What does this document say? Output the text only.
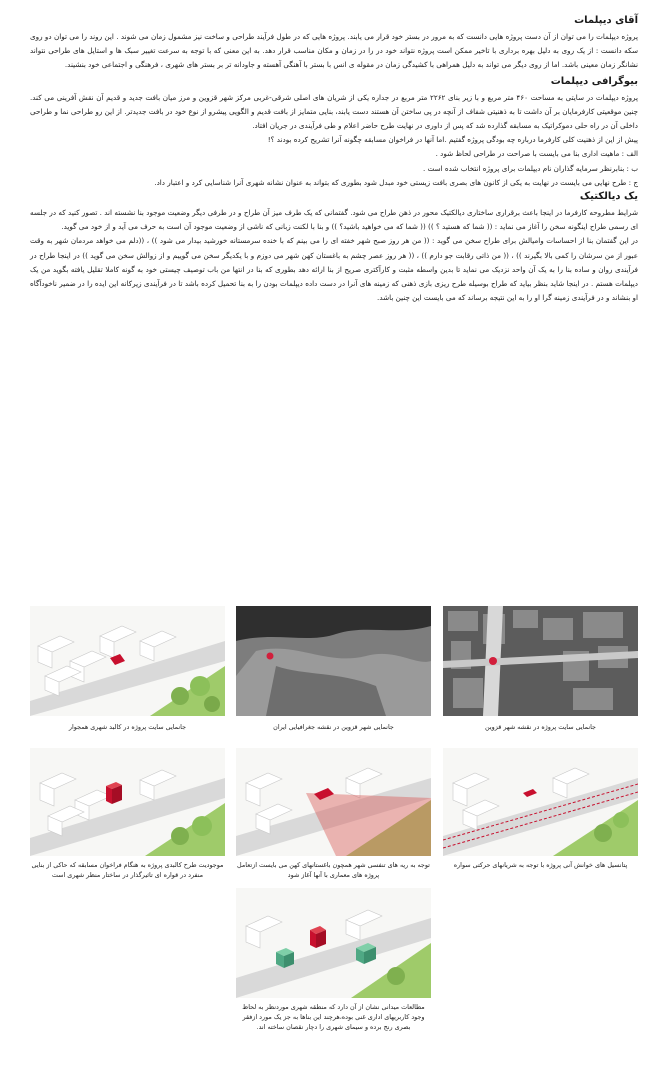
آقای دیپلمات
پروژه دیپلمات را می توان از آن دست پروژه هایی دانست که به مرور در بستر خود قرار می یابند. پروژه هایی که در طول فرآیند طراحی و ساخت نیز مشمول زمان می شوند . این روند را می توان دو روی سکه دانست : از یک روی به دلیل بهره برداری با تاخیر ممکن است پروژه نتواند خود در را در زمان و مکان مناسب قرار دهد. به این معنی که با توجه به سرعت تغییر سبک ها و استایل های طراحی نتواند نشانگر زمان معینی باشد. اما از روی دیگر می تواند به دلیل همراهی با کشیدگی زمان در مقوله ی انس با بستر با آهنگی آهسته و جاودانه تر بر بستر های شهری ، فرهنگی و اجتماعی خود بنشیند.
بیوگرافی دیپلمات
پروژه دیپلمات در سایتی به مساحت ۴۶۰ متر مربع و با زیر بنای ۲۲۶۲ متر مربع در جداره یکی از شریان های اصلی شرقی-غربی مرکز شهر قزوین و مرز میان بافت جدید و قدیم آن نقش آفرینی می کند. چنین موقعیتی کارفرمایان بر آن داشت تا به ذهنیتی شفاف از آنچه در پی ساختن آن هستند دست یابند، بنایی متمایز از بافت قدیم و الگویی پیشرو از نوع خود در بافت جدیدتر. از این رو طراحی نما و طراحی داخلی آن در راه حلی دموکراتیک به مسابقه گذارده شد که پس از داوری در نهایت طرح حاضر اعلام و طی فرآیندی در جریان افتاد.
پیش از این از ذهنیت کلی کارفرما درباره چه بودگی پروژه گفتیم .اما آنها در فراخوان مسابقه چگونه آنرا تشریح کرده بودند ؟!
الف : ماهیت اداری بنا می بایست با صراحت در طراحی لحاظ شود .
ب : بنابرنظر سرمایه گذاران نام دیپلمات برای پروژه انتخاب شده است .
ج : طرح نهایی می بایست در نهایت به یکی از کانون های بصری بافت زیستی خود مبدل شود بطوری که بتواند به عنوان نشانه شهری آنرا شناسایی کرد و اعتبار داد.
یک دیالکتیک
شرایط مطروحه کارفرما در اینجا باعث برقراری ساختاری دیالکتیک محور در ذهن طراح می شود. گفتمانی که یک طرف میز آن طراح و در طرفی دیگر وضعیت موجود بنا نشسته اند . تصور کنید که در جلسه ای رسمی طراح اینگونه سخن را آغاز می نماید : (( شما که هستید ؟ )) (( شما که می خواهید باشید؟ )) و بنا با لکنت زبانی که ناشی از وضعیت موجود آن است به حرف می آید و از خود می گوید.
در این گفتمان بنا از احساسات وامیالش برای طراح سخن می گوید : (( من هر روز صبح شهر خفته ای را می بینم که با خنده سرمستانه خورشید بیدار می شود )) ، ((دلم می خواهد مردمان شهر به وقت عبور از من سرشان را کمی بالا بگیرند )) ، (( من ذاتی رقابت جو دارم )) ، (( هر روز عصر چشم به باغستان کهن شهر می دوزم و با یکدیگر سخن می گوییم و از زوالش سخن می گوید )) در اینجا طراح در فرآیندی روان و ساده بنا را به یک آن واحد نزدیک می نماید تا بدین واسطه مثبت و کارآکتری صریح از بنا ارائه دهد بطوری که بنا در انتها من باب توصیف چیستی خود به گونه کاملا تقلیل یافته بگوید من یک دیپلمات هستم . در اینجا شاید بنظر بیاید که طراح بوسیله طرح ریزی بازی ذهنی که زمینه های آنرا در دست داده دیپلمات بودن را به بنا تحمیل کرده باشد تا در فرآیندی زیرکانه این ایده را در ضمیر ناخودآگاه او بنشاند و در فرآیندی زمینه گرا او را به این نتیجه برساند که می بایست این چنین باشد.
جانمایی سایت پروژه در کالبد شهری همجوار	جانمایی شهر قزوین در نقشه جغرافیایی ایران	جانمایی سایت پروژه در نقشه شهر قزوین
موجودیت طرح کالبدی پروژه به هنگام فراخوان مسابقه که حاکی از بنایی منفرد در قواره ای تاثیرگذار در ساختار منظر شهری است
توجه به ریه های تنفسی شهر همچون باغستانهای کهن می بایست ازتعامل پروژه های معماری با آنها آغاز شود
پتانسیل های خوانش آنی پروژه با توجه به شریانهای حرکتی سواره
مطالعات میدانی نشان از آن دارد که منطقه شهری موردنظر به لحاظ وجود کاربریهای اداری غنی بوده،هرچند این بناها به جز یک مورد ازفقر بصری رنج برده و سیمای شهری را دچار نقصان ساخته اند.
